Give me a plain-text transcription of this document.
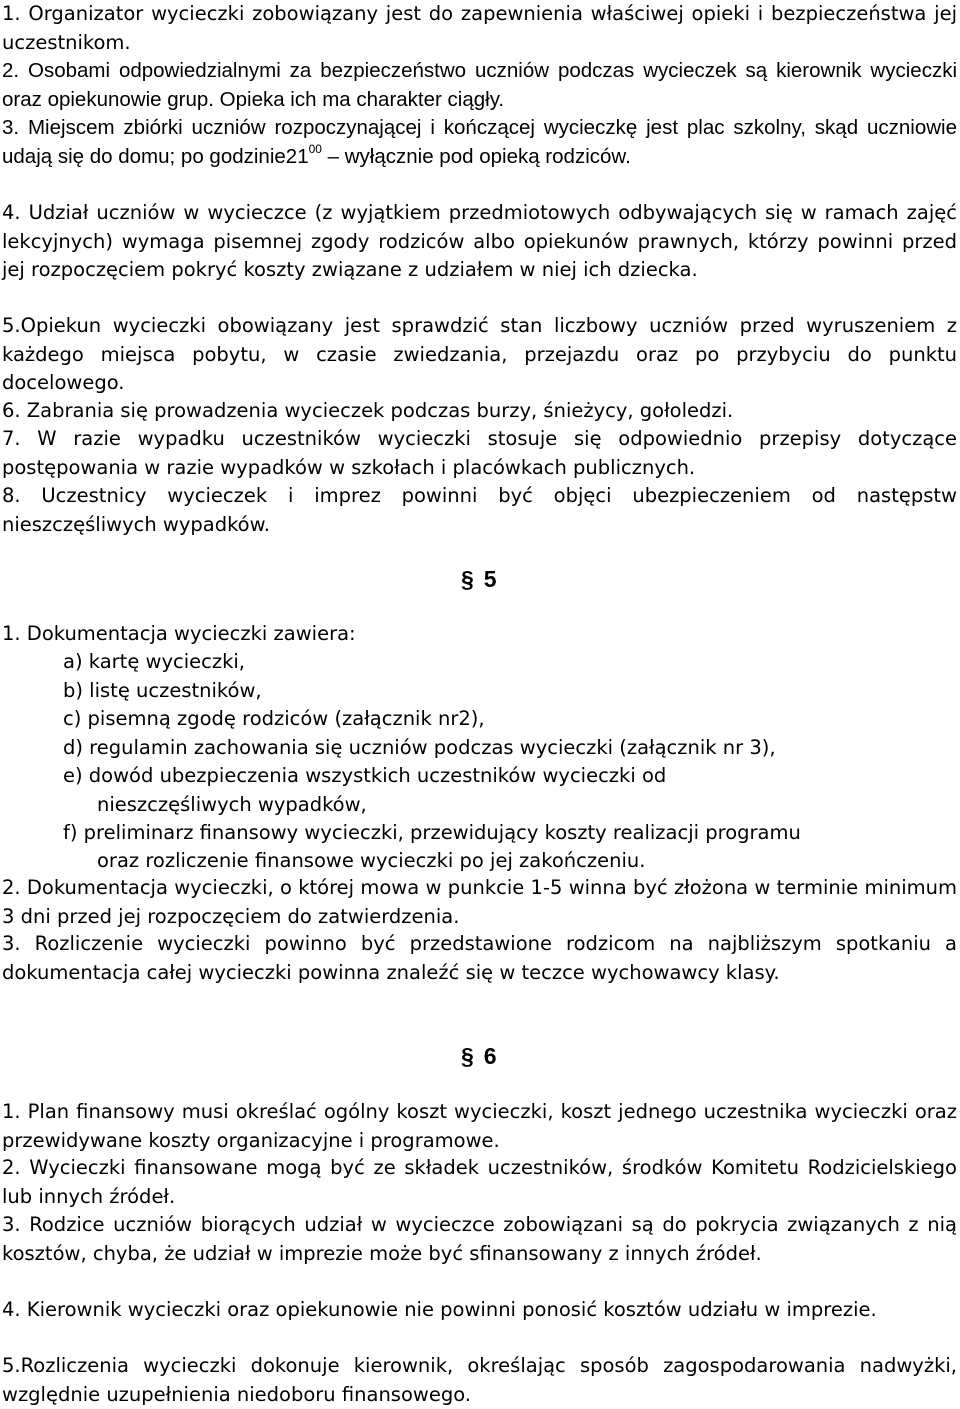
1. Organizator wycieczki zobowiązany jest do zapewnienia właściwej opieki i bezpieczeństwa jej uczestnikom.

2. Osobami odpowiedzialnymi za bezpieczeństwo uczniów podczas wycieczek są kierownik wycieczki oraz opiekunowie grup. Opieka ich ma charakter ciągły.

3. Miejscem zbiórki uczniów rozpoczynającej i kończącej wycieczkę jest plac szkolny, skąd uczniowie udają się do domu; po $godzinie21^{00}$ – wyłącznie pod opieką rodziców.

4. Udział uczniów w wycieczce (z wyjątkiem przedmiotowych odbywających się w ramach zajęć lekcyjnych) wymaga pisemnej zgody rodziców albo opiekunów prawnych, którzy powinni przed jej rozpoczęciem pokryć koszty związane z udziałem w niej ich dziecka.

5.Opiekun wycieczki obowiązany jest sprawdzić stan liczbowy uczniów przed wyruszeniem z każdego miejsca pobytu, w czasie zwiedzania, przejazdu oraz po przybyciu do punktu docelowego.

6. Zabrania się prowadzenia wycieczek podczas burzy, śnieżycy, gołoledzi.

7. W razie wypadku uczestników wycieczki stosuje się odpowiednio przepisy dotyczące postępowania w razie wypadków w szkołach i placówkach publicznych.

8. Uczestnicy wycieczek i imprez powinni być objęci ubezpieczeniem od następstw nieszczęśliwych wypadków.

§ 5

1. Dokumentacja wycieczki zawiera:

a) kartę wycieczki,
b) listę uczestników,
c) pisemną zgodę rodziców (załącznik nr2),
d) regulamin zachowania się uczniów podczas wycieczki (załącznik nr 3),
e) dowód ubezpieczenia wszystkich uczestników wycieczki od
nieszczęśliwych wypadków,
f) preliminarz finansowy wycieczki, przewidujący koszty realizacji programu
oraz rozliczenie finansowe wycieczki po jej zakończeniu.

2. Dokumentacja wycieczki, o której mowa w punkcie 1-5 winna być złożona w terminie minimum 3 dni przed jej rozpoczęciem do zatwierdzenia.

3. Rozliczenie wycieczki powinno być przedstawione rodzicom na najbliższym spotkaniu a dokumentacja całej wycieczki powinna znaleźć się w teczce wychowawcy klasy.

§ 6

1. Plan finansowy musi określać ogólny koszt wycieczki, koszt jednego uczestnika wycieczki oraz przewidywane koszty organizacyjne i programowe.

2. Wycieczki finansowane mogą być ze składek uczestników, środków Komitetu Rodzicielskiego lub innych źródeł.

3. Rodzice uczniów biorących udział w wycieczce zobowiązani są do pokrycia związanych z nią kosztów, chyba, że udział w imprezie może być sfinansowany z innych źródeł.

4. Kierownik wycieczki oraz opiekunowie nie powinni ponosić kosztów udziału w imprezie.

5.Rozliczenia wycieczki dokonuje kierownik, określając sposób zagospodarowania nadwyżki, względnie uzupełnienia niedoboru finansowego.
